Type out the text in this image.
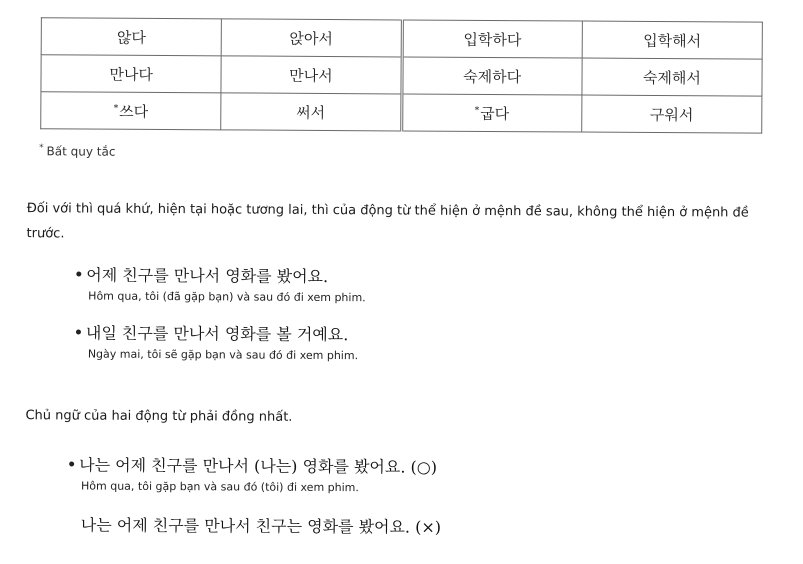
않다	앉아서	입학하다	입학해서
만나다	만나서	숙제하다	숙제해서
*쓰다	써서	*굽다	구워서
* Bất quy tắc
Đối với thì quá khứ, hiện tại hoặc tương lai, thì của động từ thể hiện ở mệnh đề sau, không thể hiện ở mệnh đề trước.
어제 친구를 만나서 영화를 봤어요.
Hôm qua, tôi (đã gặp bạn) và sau đó đi xem phim.
내일 친구를 만나서 영화를 볼 거예요.
Ngày mai, tôi sẽ gặp bạn và sau đó đi xem phim.
Chủ ngữ của hai động từ phải đồng nhất.
나는 어제 친구를 만나서 (나는) 영화를 봤어요. (○)
Hôm qua, tôi gặp bạn và sau đó (tôi) đi xem phim.
나는 어제 친구를 만나서 친구는 영화를 봤어요. (×)
